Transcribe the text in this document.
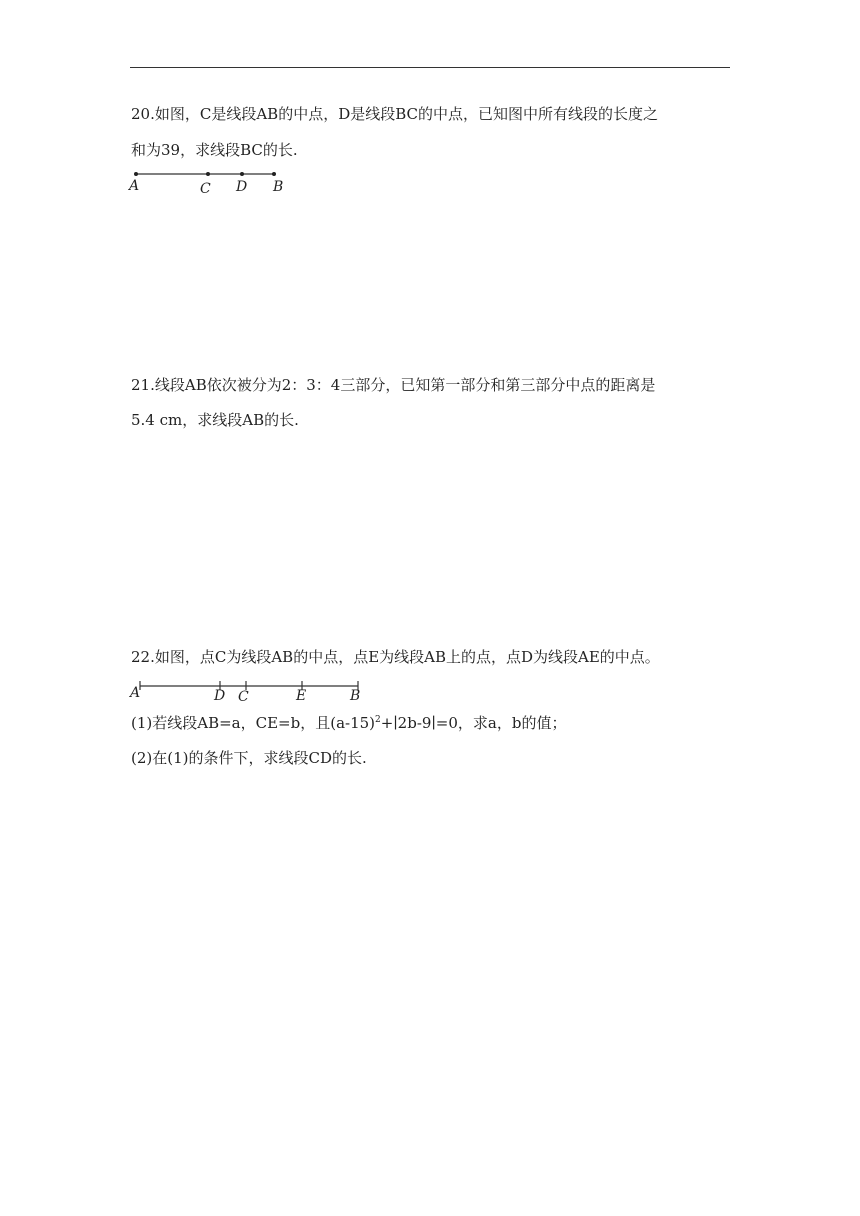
20.如图，C是线段AB的中点，D是线段BC的中点，已知图中所有线段的长度之
和为39，求线段BC的长.
A	C D B
21.线段AB依次被分为2：3：4三部分，已知第一部分和第三部分中点的距离是
5.4 cm，求线段AB的长.
22.如图，点C为线段AB的中点，点E为线段AB上的点，点D为线段AE的中点。
A	D C	E	B
(1)若线段AB=a，CE=b，且$(a-15)^2+∣2b-9∣=0$，求a，b的值；
(2)在(1)的条件下，求线段CD的长.
